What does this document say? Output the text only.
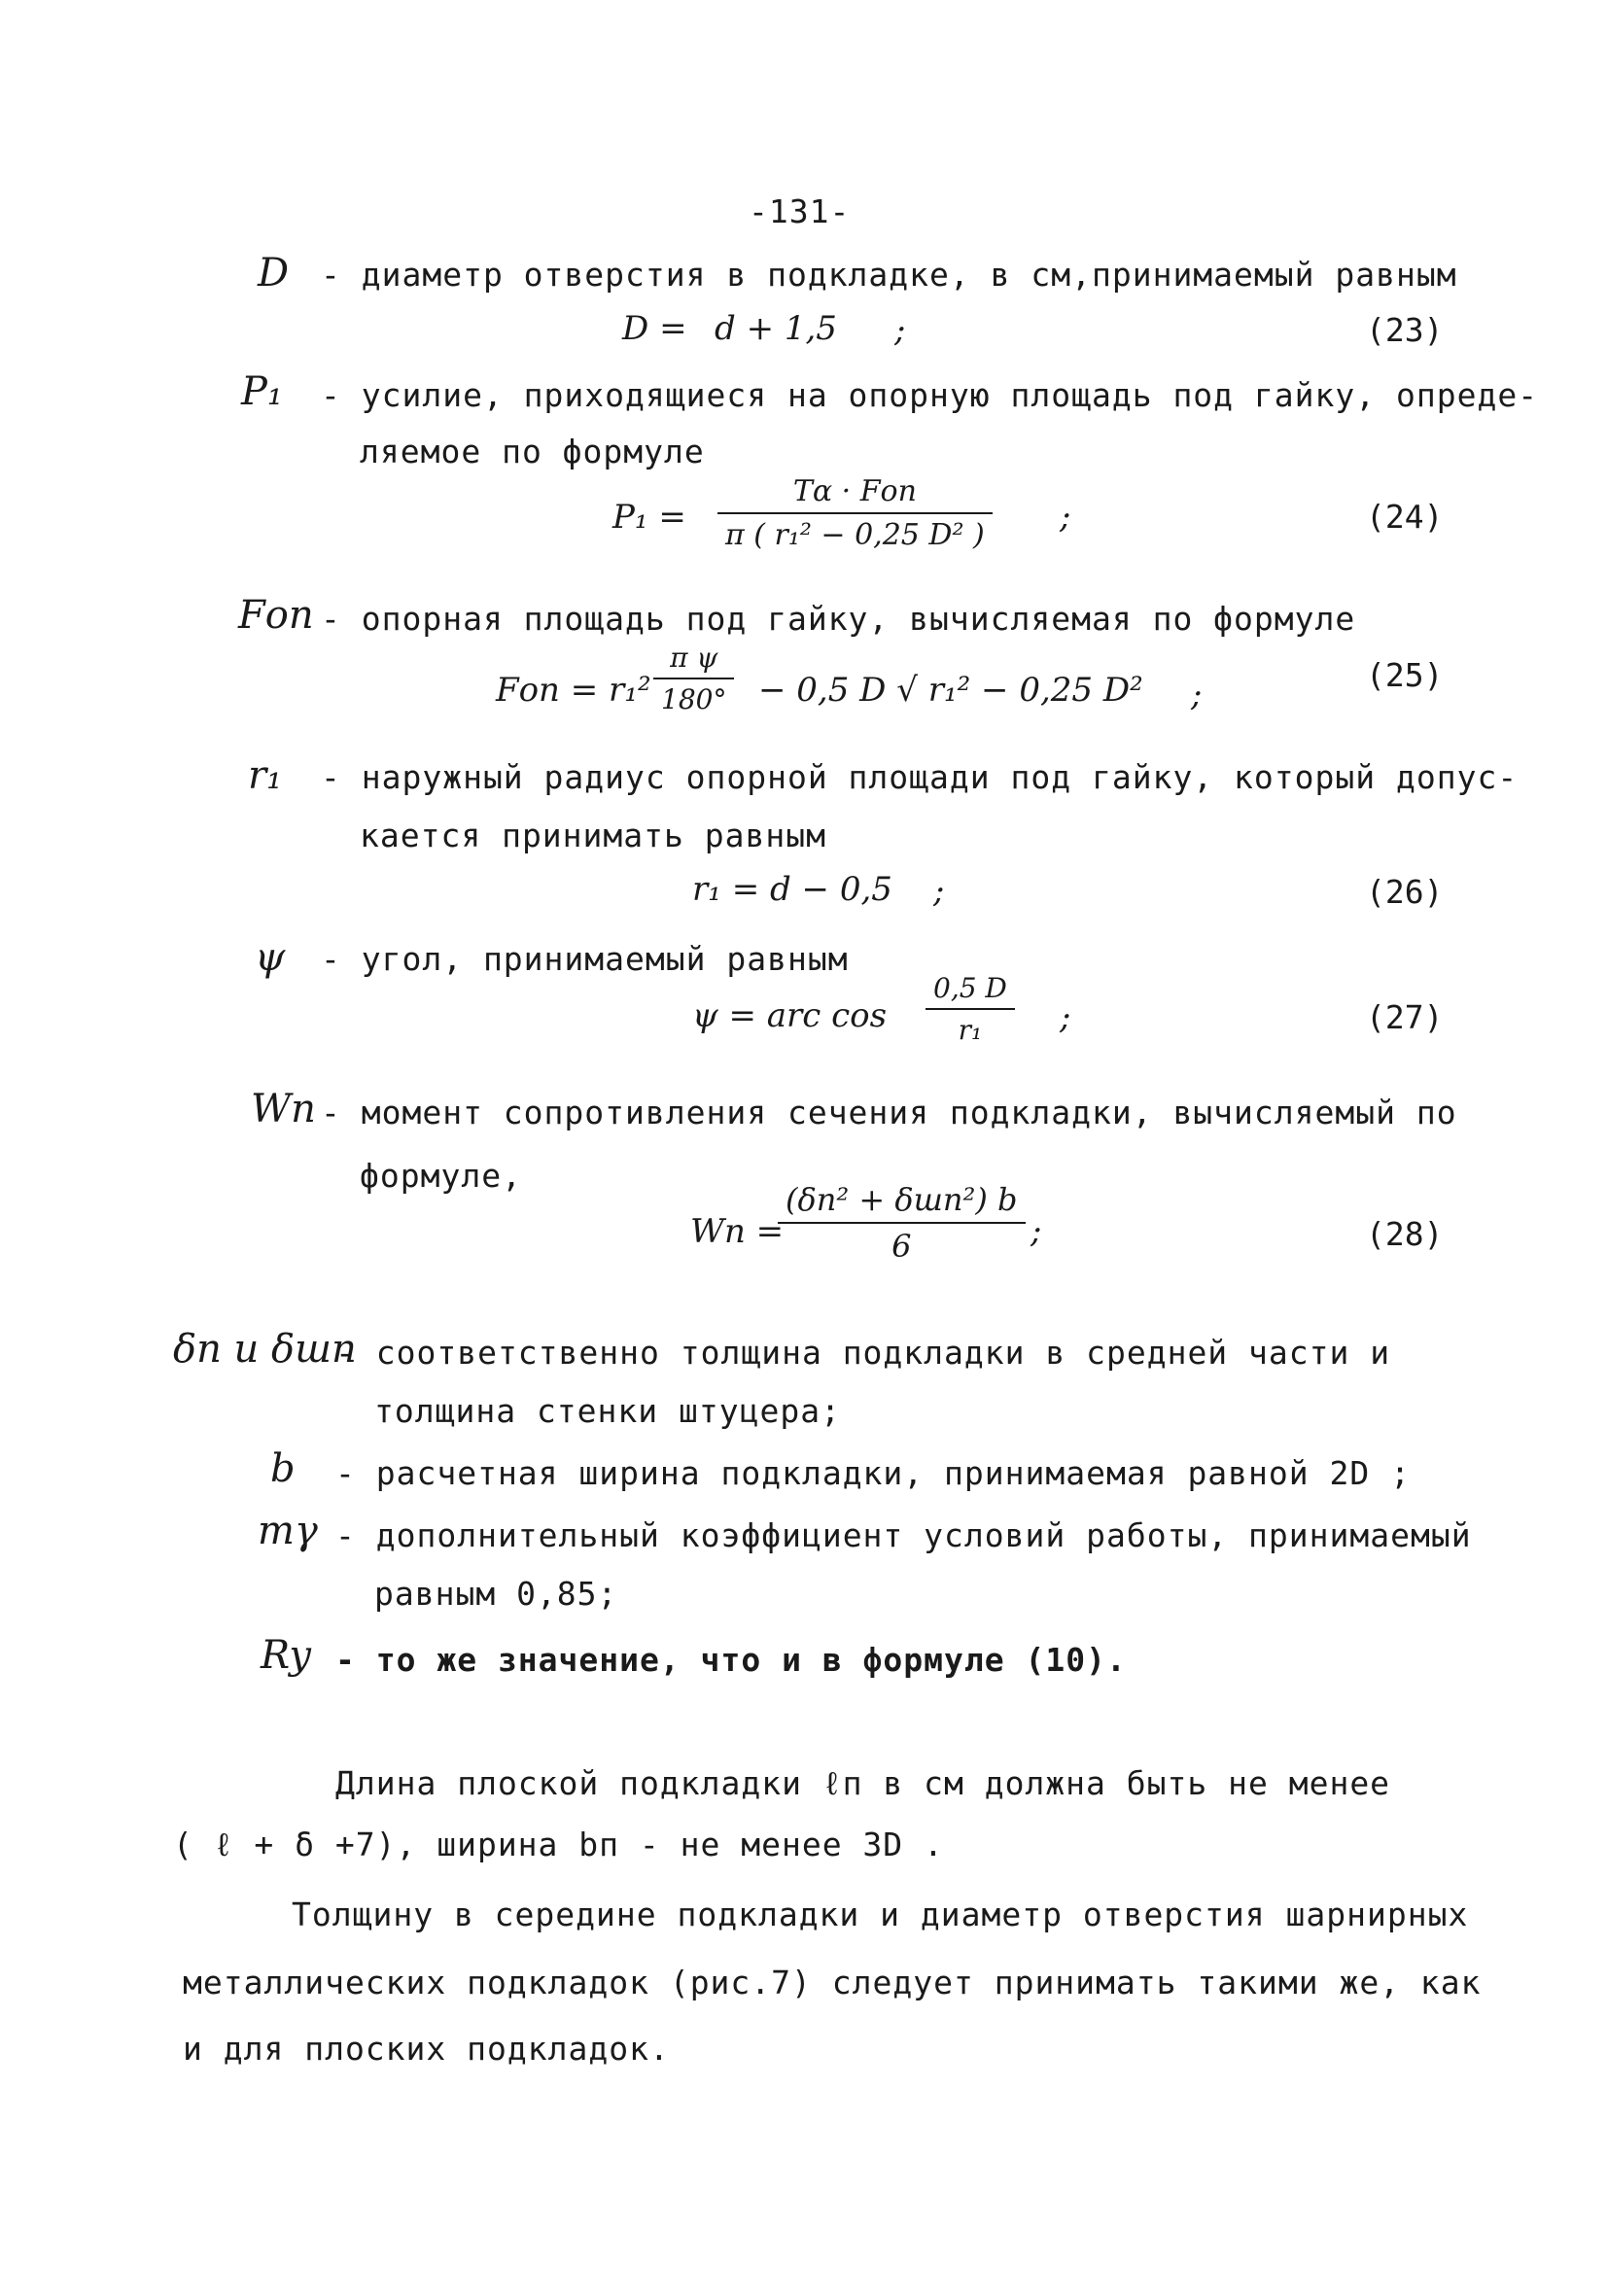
-131-
D - диаметр отверстия в подкладке, в см,принимаемый равным
D = d + 1,5 ;	(23)
P₁ - усилие, приходящиеся на опорную площадь под гайку, опреде-
ляемое по формуле
P₁ =
Tα · Fоп
π ( r₁² − 0,25 D² ) ;	(24)
Fоп - опорная площадь под гайку, вычисляемая по формуле
Fоп = $r_1^2 \frac{\text{π ψ}}{180^\circ} - 0,5$ D √ r₁² − 0,25 D² ;
(25)
r₁ - наружный радиус опорной площади под гайку, который допус-
кается принимать равным
r₁ = d − 0,5 ;	(26)
ψ - угол, принимаемый равным
ψ = arc $\cos \frac{0,5 D}{\text{r₁}}$ ;	(27)
Wп - момент сопротивления сечения подкладки, вычисляемый по
формуле,
Wп =
(δп² + δшп²) b
6	;	(28)
δп и δшп
- соответственно толщина подкладки в средней части и
толщина стенки штуцера;
b - расчетная ширина подкладки, принимаемая равной 2D ;
mγ - дополнительный коэффициент условий работы, принимаемый
равным 0,85;
Ry - то же значение, что и в формуле (10).
Длина плоской подкладки ℓп в см должна быть не менее
( ℓ + δ +7), ширина bп - не менее 3D .
Толщину в середине подкладки и диаметр отверстия шарнирных
металлических подкладок (рис.7) следует принимать такими же, как
и для плоских подкладок.
